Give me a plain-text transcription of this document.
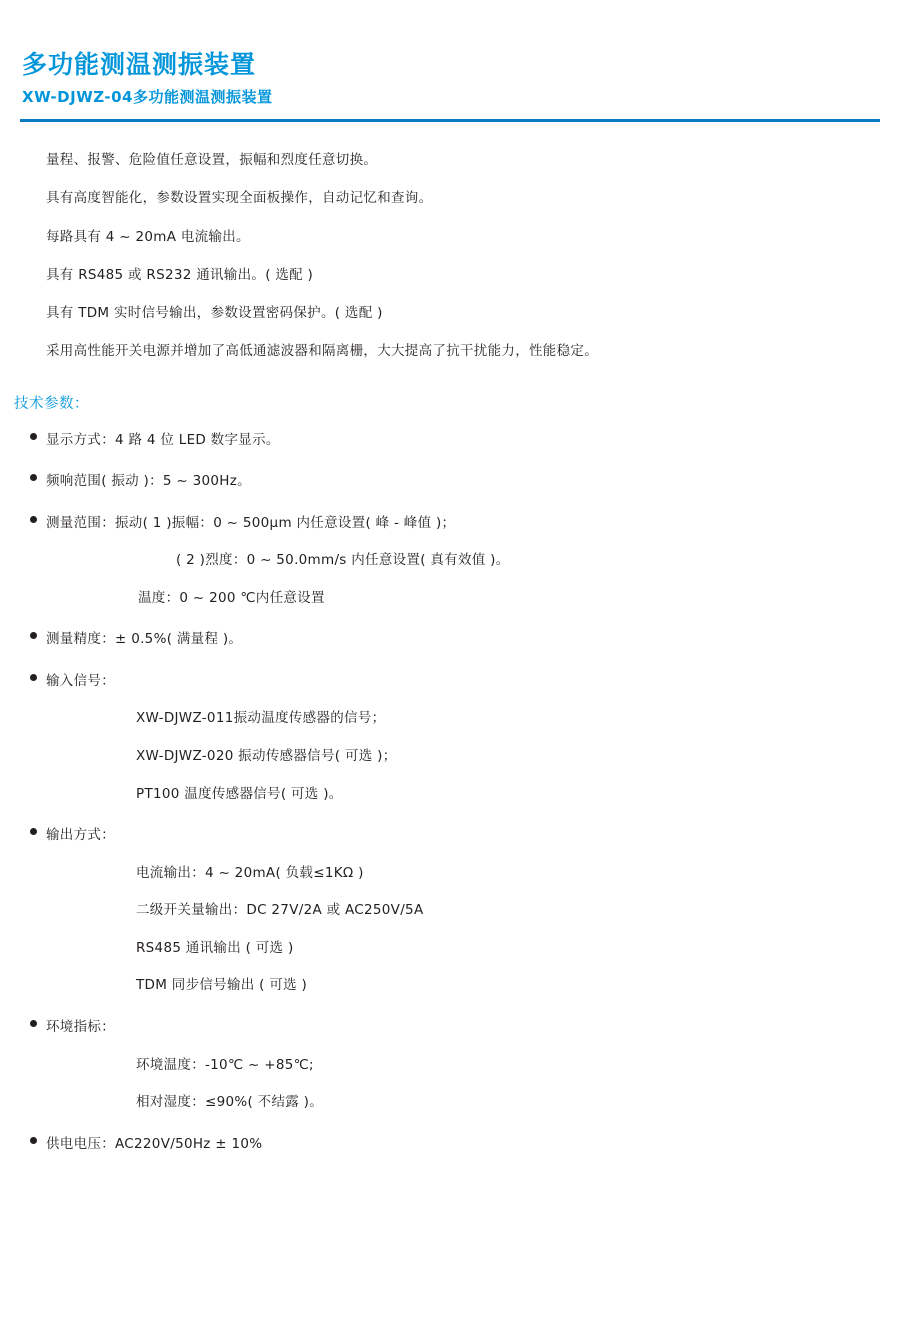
多功能测温测振装置
XW-DJWZ-04多功能测温测振装置

量程、报警、危险值任意设置，振幅和烈度任意切换。

具有高度智能化，参数设置实现全面板操作，自动记忆和查询。

每路具有 4 ~ 20mA 电流输出。

具有 RS485 或 RS232 通讯输出。( 选配 )

具有 TDM 实时信号输出，参数设置密码保护。( 选配 )

采用高性能开关电源并增加了高低通滤波器和隔离栅，大大提高了抗干扰能力，性能稳定。

技术参数：
显示方式：4 路 4 位 LED 数字显示。
频响范围( 振动 )：5 ~ 300Hz。
测量范围：振动( 1 )振幅：0 ~ 500μm 内任意设置( 峰 - 峰值 )；
( 2 )烈度：0 ~ 50.0mm/s 内任意设置( 真有效值 )。
温度：0 ~ 200 ℃内任意设置
测量精度：± 0.5%( 满量程 )。
输入信号：
XW-DJWZ-011振动温度传感器的信号；
XW-DJWZ-020 振动传感器信号( 可选 )；
PT100 温度传感器信号( 可选 )。
输出方式：
电流输出：4 ~ 20mA( 负载≤1KΩ )
二级开关量输出：DC 27V/2A 或 AC250V/5A
RS485 通讯输出 ( 可选 )
TDM 同步信号输出 ( 可选 )
环境指标：
环境温度：-10℃ ~ +85℃;
相对湿度：≤90%( 不结露 )。
供电电压：AC220V/50Hz ± 10%
